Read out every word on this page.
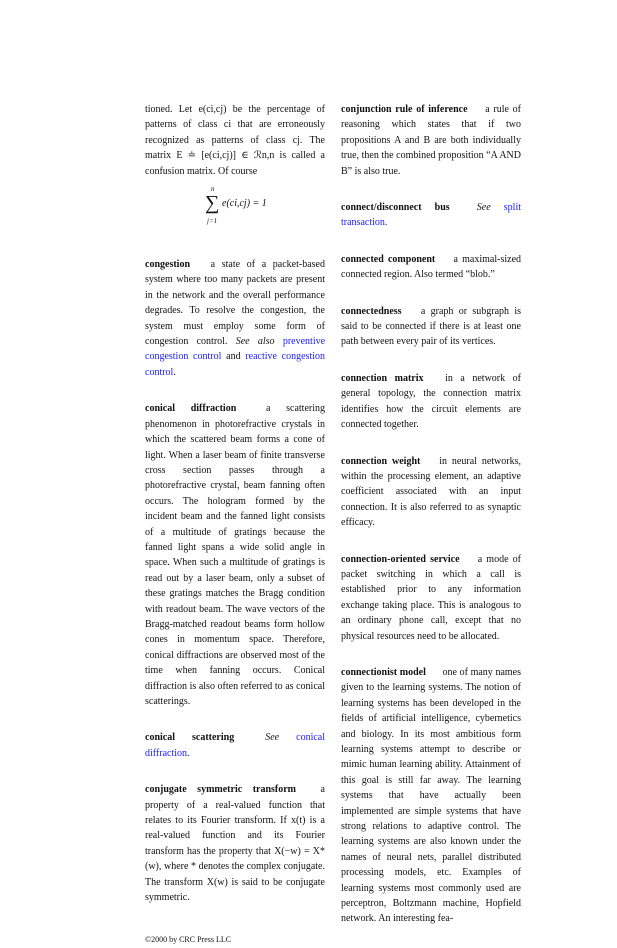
tioned. Let e(ci,cj) be the percentage of patterns of class ci that are erroneously recognized as patterns of class cj. The matrix E ≐ [e(ci,cj)] ∈ ℛn,n is called a confusion matrix. Of course
n
∑
j=1
e(ci,cj) = 1
congestion a state of a packet-based system where too many packets are present in the network and the overall performance degrades. To resolve the congestion, the system must employ some form of congestion control. See also preventive congestion control and reactive congestion control.
conical diffraction	a scattering phenomenon in photorefractive crystals in which the scattered beam forms a cone of light. When a laser beam of finite transverse cross section passes through a photorefractive crystal, beam fanning often occurs. The hologram formed by the incident beam and the fanned light consists of a multitude of gratings because the fanned light spans a wide solid angle in space. When such a multitude of gratings is read out by a laser beam, only a subset of these gratings matches the Bragg condition with readout beam. The wave vectors of the Bragg-matched readout beams form hollow cones in momentum space. Therefore, conical diffractions are observed most of the time when fanning occurs. Conical diffraction is also often referred to as conical scatterings.
conical scattering	See conical diffraction.
conjugate symmetric transform a property of a real-valued function that relates to its Fourier transform. If x(t) is a real-valued function and its Fourier transform has the property that X(−w) = X*(w), where * denotes the complex conjugate. The transform X(w) is said to be conjugate symmetric.
©2000 by CRC Press LLC
conjunction rule of inference a rule of reasoning which states that if two propositions A and B are both individually true, then the combined proposition “A AND B” is also true.
connect/disconnect bus	See split transaction.
connected component a maximal-sized connected region. Also termed “blob.”
connectedness a graph or subgraph is said to be connected if there is at least one path between every pair of its vertices.
connection matrix in a network of general topology, the connection matrix identifies how the circuit elements are connected together.
connection weight in neural networks, within the processing element, an adaptive coefficient associated with an input connection. It is also referred to as synaptic efficacy.
connection-oriented service a mode of packet switching in which a call is established prior to any information exchange taking place. This is analogous to an ordinary phone call, except that no physical resources need to be allocated.
connectionist model one of many names given to the learning systems. The notion of learning systems has been developed in the fields of artificial intelligence, cybernetics and biology. In its most ambitious form learning systems attempt to describe or mimic human learning ability. Attainment of this goal is still far away. The learning systems that have actually been implemented are simple systems that have strong relations to adaptive control. The learning systems are also known under the names of neural nets, parallel distributed processing models, etc. Examples of learning systems most commonly used are perceptron, Boltzmann machine, Hopfield network. An interesting fea-
